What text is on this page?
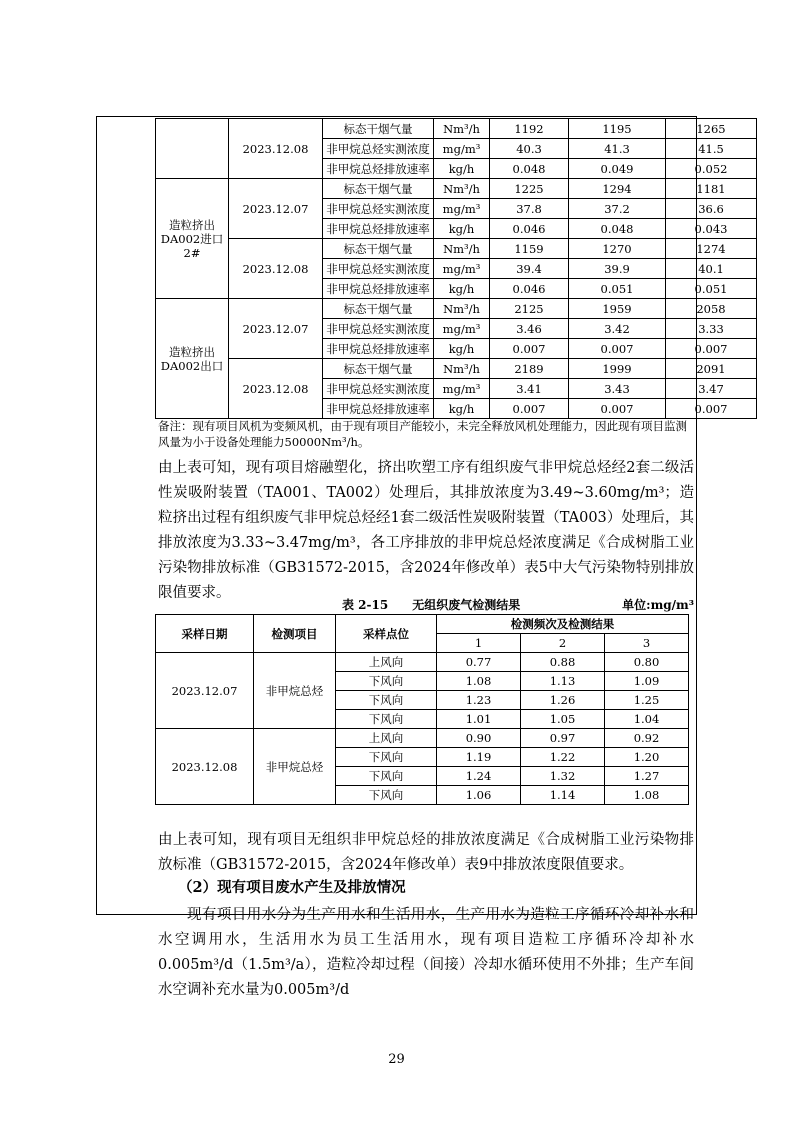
	2023.12.08	标态干烟气量	Nm³/h	1192	1195	1265
		非甲烷总烃实测浓度	mg/m³	40.3	41.3	41.5
		非甲烷总烃排放速率	kg/h	0.048	0.049	0.052
造粒挤出DA002进口2#	2023.12.07	标态干烟气量	Nm³/h	1225	1294	1181
		非甲烷总烃实测浓度	mg/m³	37.8	37.2	36.6
		非甲烷总烃排放速率	kg/h	0.046	0.048	0.043
	2023.12.08	标态干烟气量	Nm³/h	1159	1270	1274
		非甲烷总烃实测浓度	mg/m³	39.4	39.9	40.1
		非甲烷总烃排放速率	kg/h	0.046	0.051	0.051
造粒挤出DA002出口	2023.12.07	标态干烟气量	Nm³/h	2125	1959	2058
		非甲烷总烃实测浓度	mg/m³	3.46	3.42	3.33
		非甲烷总烃排放速率	kg/h	0.007	0.007	0.007
	2023.12.08	标态干烟气量	Nm³/h	2189	1999	2091
		非甲烷总烃实测浓度	mg/m³	3.41	3.43	3.47
		非甲烷总烃排放速率	kg/h	0.007	0.007	0.007
备注：现有项目风机为变频风机，由于现有项目产能较小，未完全释放风机处理能力，因此现有项目监测风量为小于设备处理能力50000Nm³/h。
由上表可知，现有项目熔融塑化，挤出吹塑工序有组织废气非甲烷总烃经2套二级活性炭吸附装置（TA001、TA002）处理后，其排放浓度为3.49~3.60mg/m³；造粒挤出过程有组织废气非甲烷总烃经1套二级活性炭吸附装置（TA003）处理后，其排放浓度为3.33~3.47mg/m³，各工序排放的非甲烷总烃浓度满足《合成树脂工业污染物排放标准（GB31572-2015，含2024年修改单）表5中大气污染物特别排放限值要求。
表 2-15　　无组织废气检测结果	单位:mg/m³
采样日期	检测项目	采样点位	检测频次及检测结果		
			1	2	3
2023.12.07	非甲烷总烃	上风向	0.77	0.88	0.80
		下风向	1.08	1.13	1.09
		下风向	1.23	1.26	1.25
		下风向	1.01	1.05	1.04
2023.12.08	非甲烷总烃	上风向	0.90	0.97	0.92
		下风向	1.19	1.22	1.20
		下风向	1.24	1.32	1.27
		下风向	1.06	1.14	1.08
由上表可知，现有项目无组织非甲烷总烃的排放浓度满足《合成树脂工业污染物排放标准（GB31572-2015，含2024年修改单）表9中排放浓度限值要求。
（2）现有项目废水产生及排放情况
现有项目用水分为生产用水和生活用水，生产用水为造粒工序循环冷却补水和水空调用水，生活用水为员工生活用水，现有项目造粒工序循环冷却补水0.005m³/d（1.5m³/a），造粒冷却过程（间接）冷却水循环使用不外排；生产车间水空调补充水量为0.005m³/d
29
